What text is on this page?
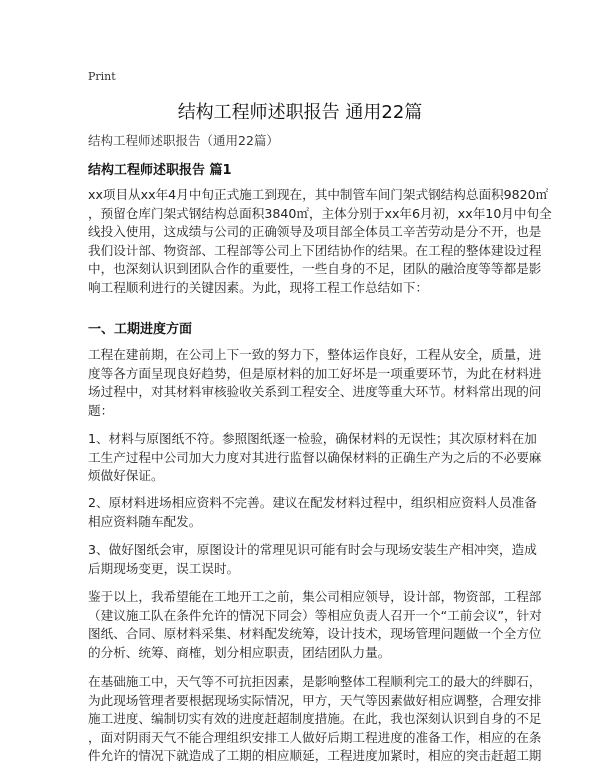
Print
结构工程师述职报告 通用22篇
结构工程师述职报告（通用22篇）
结构工程师述职报告 篇1
xx项目从xx年4月中旬正式施工到现在，其中制管车间门架式钢结构总面积9820㎡
，预留仓库门架式钢结构总面积3840㎡，主体分别于xx年6月初，xx年10月中旬全
线投入使用，这成绩与公司的正确领导及项目部全体员工辛苦劳动是分不开，也是
我们设计部、物资部、工程部等公司上下团结协作的结果。在工程的整体建设过程
中，也深刻认识到团队合作的重要性，一些自身的不足，团队的融洽度等等都是影
响工程顺利进行的关键因素。为此，现将工程工作总结如下：
一、工期进度方面
工程在建前期，在公司上下一致的努力下，整体运作良好，工程从安全，质量，进
度等各方面呈现良好趋势，但是原材料的加工好坏是一项重要环节，为此在材料进
场过程中，对其材料审核验收关系到工程安全、进度等重大环节。材料常出现的问
题：
1、材料与原图纸不符。参照图纸逐一检验，确保材料的无误性；其次原材料在加
工生产过程中公司加大力度对其进行监督以确保材料的正确生产为之后的不必要麻
烦做好保证。
2、原材料进场相应资料不完善。建议在配发材料过程中，组织相应资料人员准备
相应资料随车配发。
3、做好图纸会审，原图设计的常理见识可能有时会与现场安装生产相冲突，造成
后期现场变更，误工误时。
鉴于以上，我希望能在工地开工之前，集公司相应领导，设计部，物资部，工程部
（建议施工队在条件允许的情况下同会）等相应负责人召开一个“工前会议”，针对
图纸、合同、原材料采集、材料配发统筹，设计技术，现场管理问题做一个全方位
的分析、统筹、商榷，划分相应职责，团结团队力量。
在基础施工中，天气等不可抗拒因素，是影响整体工程顺利完工的最大的绊脚石，
为此现场管理者要根据现场实际情况，甲方，天气等因素做好相应调整，合理安排
施工进度、编制切实有效的进度赶超制度措施。在此，我也深刻认识到自身的不足
，面对阴雨天气不能合理组织安排工人做好后期工程进度的准备工作，相应的在条
件允许的情况下就造成了工期的相应顺延，工程进度加紧时，相应的突击赶超工期
